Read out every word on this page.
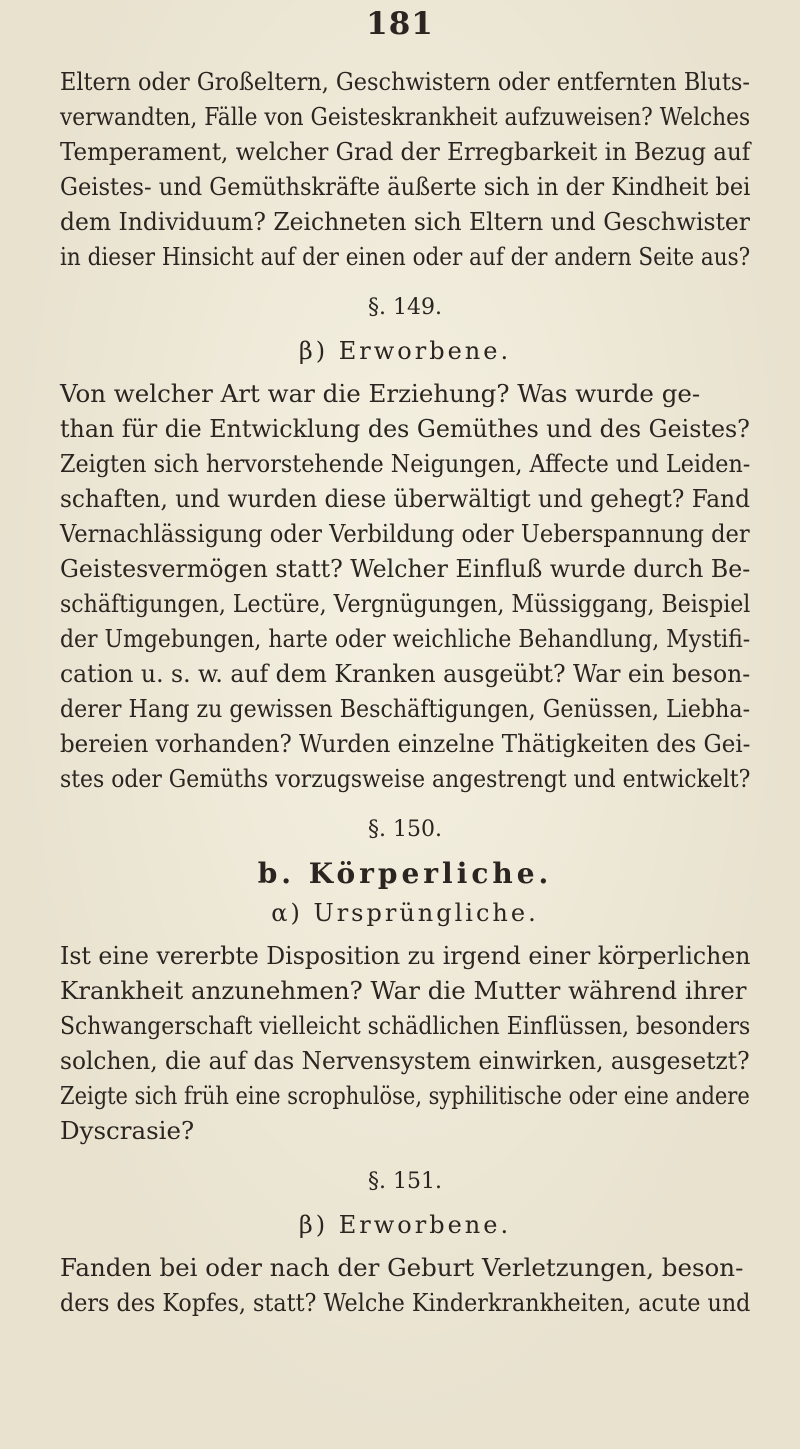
181
Eltern oder Großeltern, Geschwistern oder entfernten Bluts-
verwandten, Fälle von Geisteskrankheit aufzuweisen? Welches
Temperament, welcher Grad der Erregbarkeit in Bezug auf
Geistes- und Gemüthskräfte äußerte sich in der Kindheit bei
dem Individuum? Zeichneten sich Eltern und Geschwister
in dieser Hinsicht auf der einen oder auf der andern Seite aus?
§. 149.
β) Erworbene.
Von welcher Art war die Erziehung? Was wurde ge-
than für die Entwicklung des Gemüthes und des Geistes?
Zeigten sich hervorstehende Neigungen, Affecte und Leiden-
schaften, und wurden diese überwältigt und gehegt? Fand
Vernachlässigung oder Verbildung oder Ueberspannung der
Geistesvermögen statt? Welcher Einfluß wurde durch Be-
schäftigungen, Lectüre, Vergnügungen, Müssiggang, Beispiel
der Umgebungen, harte oder weichliche Behandlung, Mystifi-
cation u. s. w. auf dem Kranken ausgeübt? War ein beson-
derer Hang zu gewissen Beschäftigungen, Genüssen, Liebha-
bereien vorhanden? Wurden einzelne Thätigkeiten des Gei-
stes oder Gemüths vorzugsweise angestrengt und entwickelt?
§. 150.
b. Körperliche.
α) Ursprüngliche.
Ist eine vererbte Disposition zu irgend einer körperlichen
Krankheit anzunehmen? War die Mutter während ihrer
Schwangerschaft vielleicht schädlichen Einflüssen, besonders
solchen, die auf das Nervensystem einwirken, ausgesetzt?
Zeigte sich früh eine scrophulöse, syphilitische oder eine andere
Dyscrasie?
§. 151.
β) Erworbene.
Fanden bei oder nach der Geburt Verletzungen, beson-
ders des Kopfes, statt? Welche Kinderkrankheiten, acute und
